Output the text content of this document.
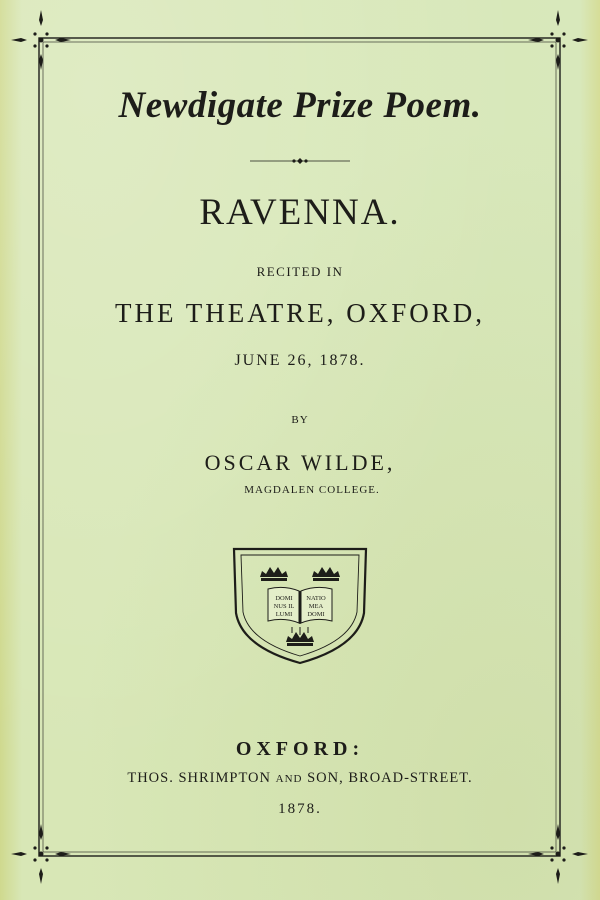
Newdigate Prize Poem.
RAVENNA.
RECITED IN
THE THEATRE, OXFORD,
JUNE 26, 1878.
BY
OSCAR WILDE,
MAGDALEN COLLEGE.
DOMI
NUS IL
LUMI
NATIO
MEA
DOMI
OXFORD:
THOS. SHRIMPTON AND SON, BROAD-STREET.
1878.
